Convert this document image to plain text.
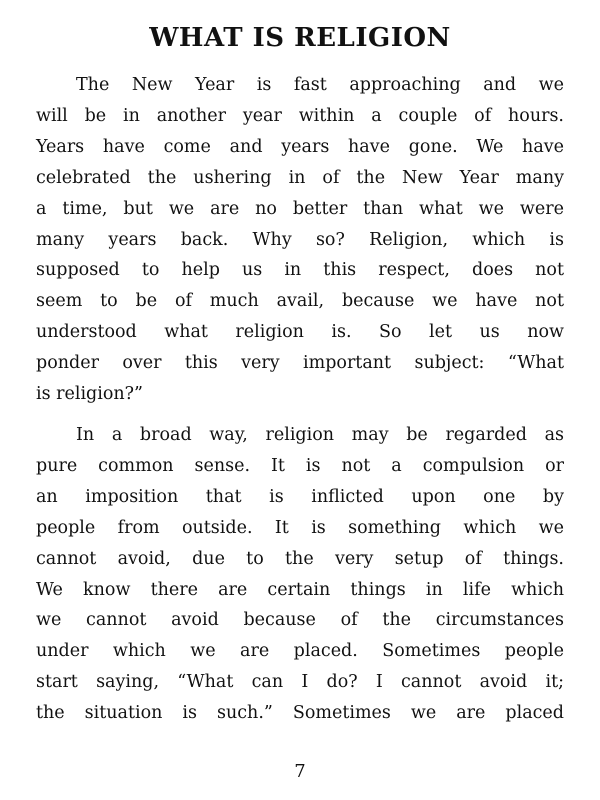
WHAT IS RELIGION

The New Year is fast approaching and we
will be in another year within a couple of hours.
Years have come and years have gone. We have
celebrated the ushering in of the New Year many
a time, but we are no better than what we were
many years back. Why so? Religion, which is
supposed to help us in this respect, does not
seem to be of much avail, because we have not
understood what religion is. So let us now
ponder over this very important subject: “What
is religion?”

In a broad way, religion may be regarded as
pure common sense. It is not a compulsion or
an imposition that is inflicted upon one by
people from outside. It is something which we
cannot avoid, due to the very setup of things.
We know there are certain things in life which
we cannot avoid because of the circumstances
under which we are placed. Sometimes people
start saying, “What can I do? I cannot avoid it;
the situation is such.” Sometimes we are placed

7
